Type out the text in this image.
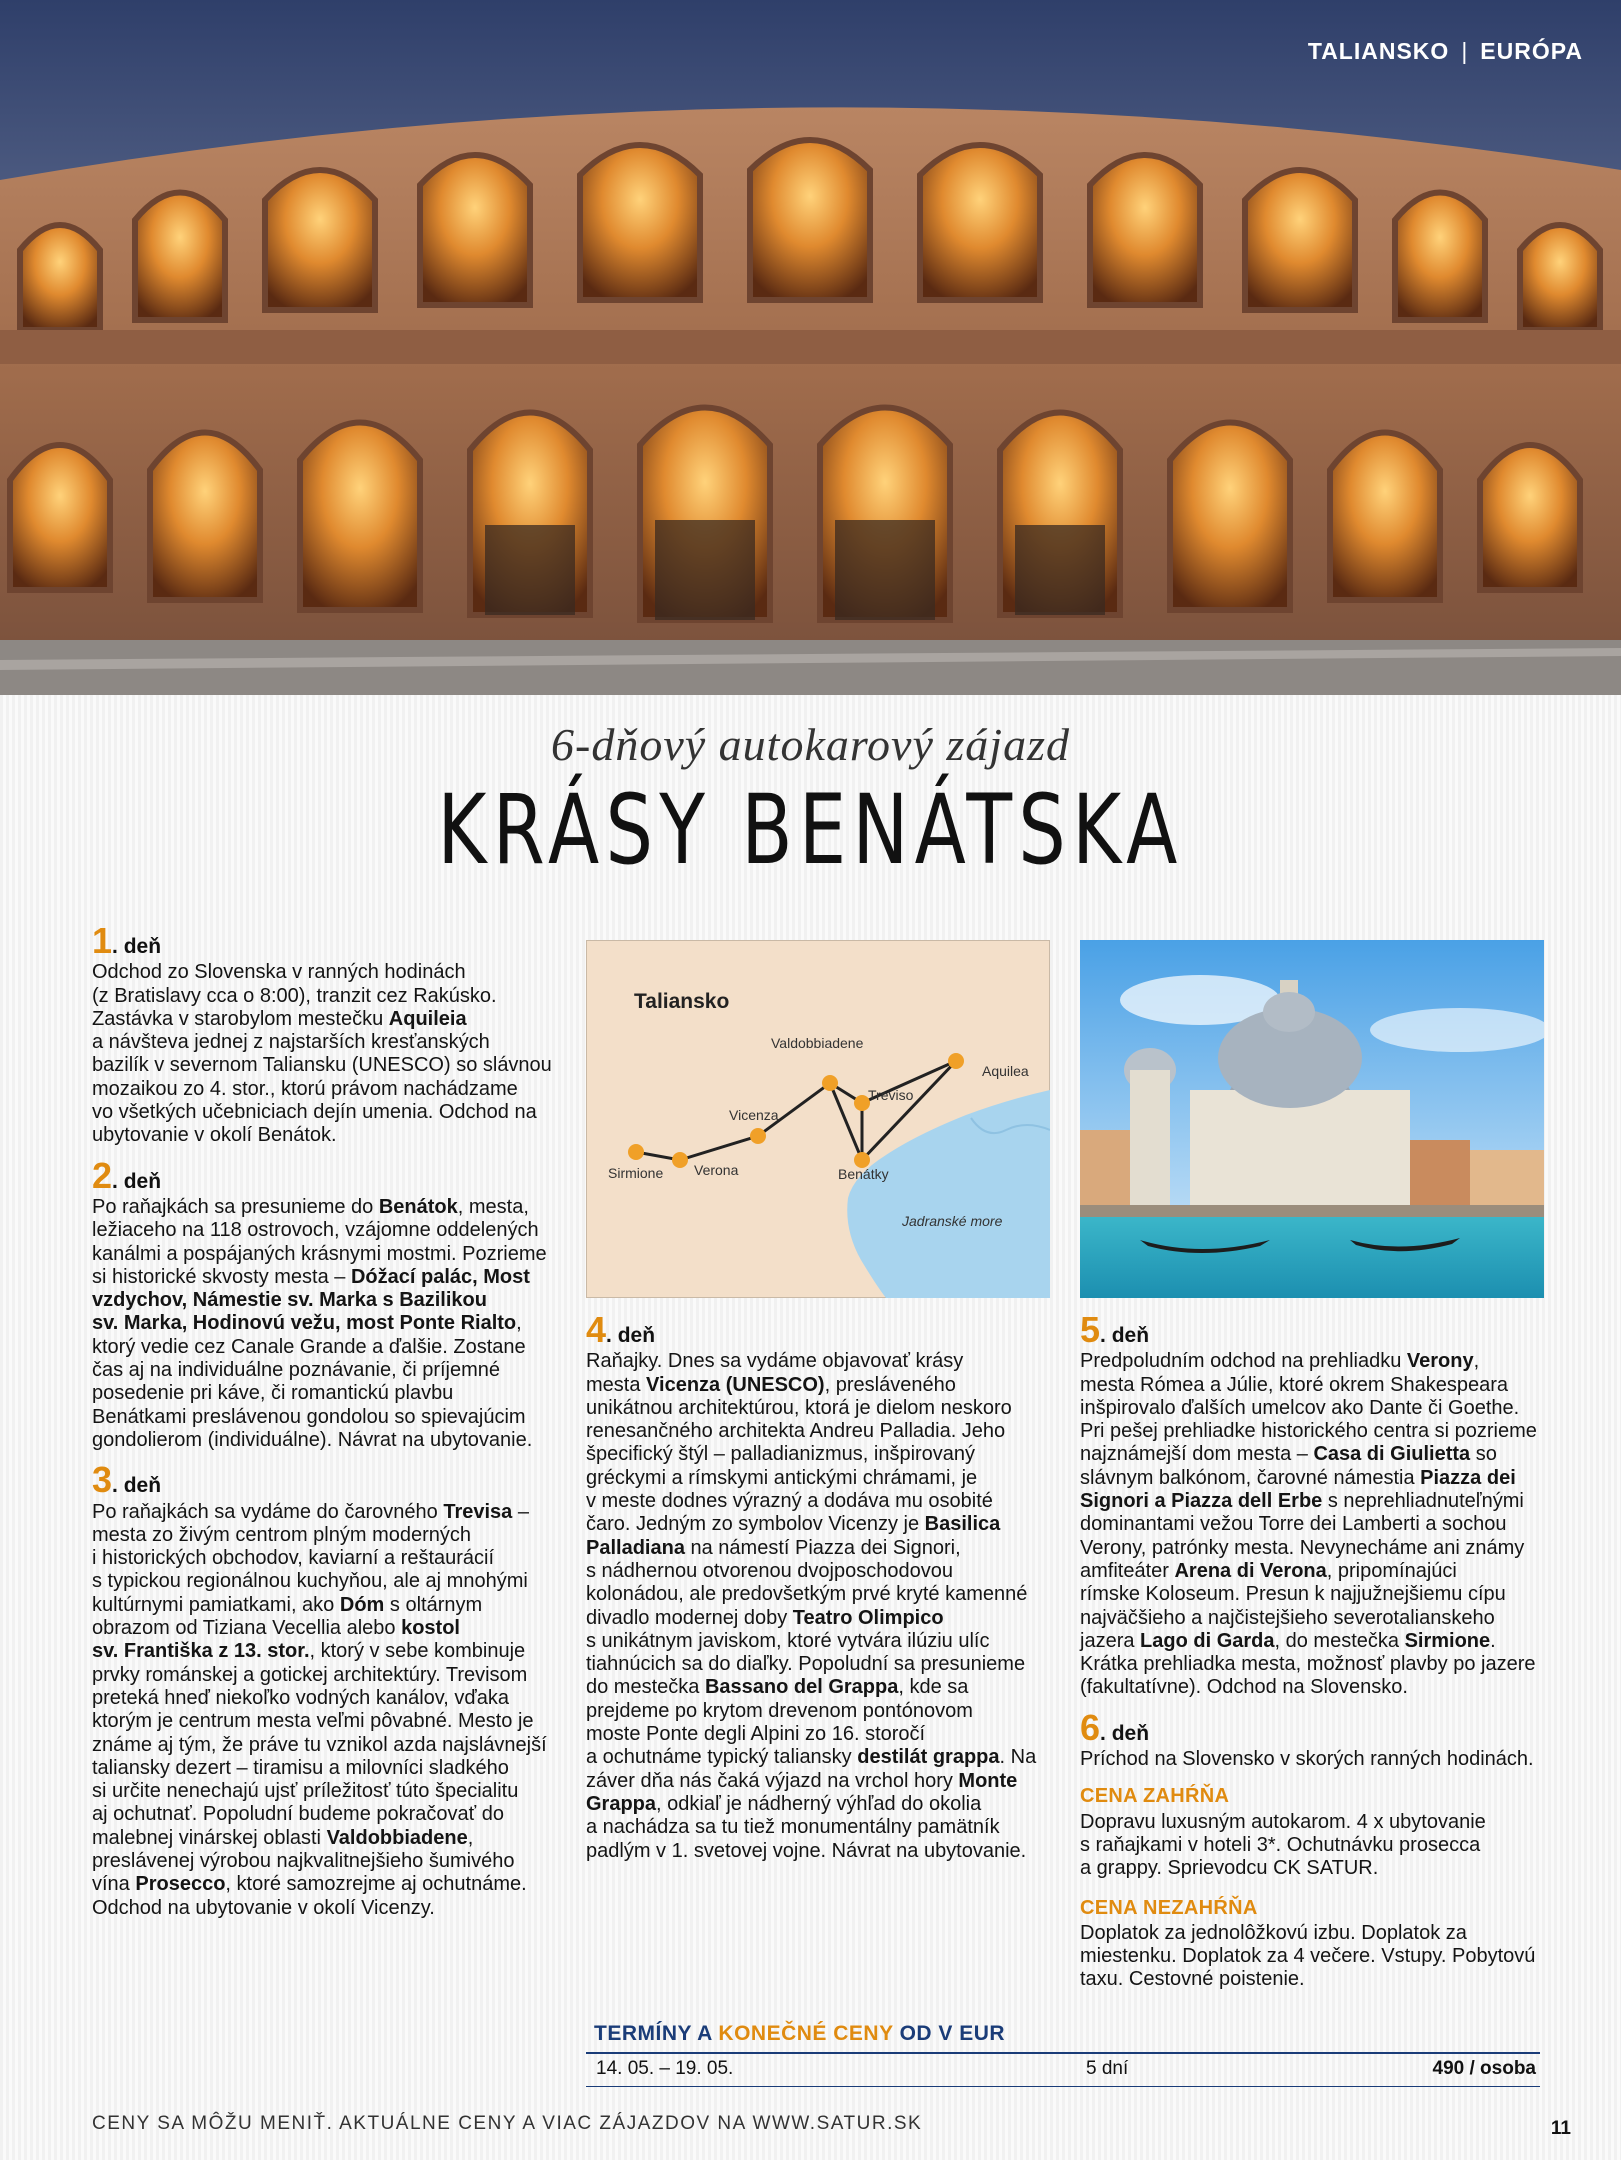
TALIANSKO | EURÓPA
6-dňový autokarový zájazd
KRÁSY BENÁTSKA
1. deň
Odchod zo Slovenska v ranných hodinách
(z Bratislavy cca o 8:00), tranzit cez Rakúsko.
Zastávka v starobylom mestečku Aquileia
a návšteva jednej z najstarších kresťanských
bazilík v severnom Taliansku (UNESCO) so slávnou
mozaikou zo 4. stor., ktorú právom nachádzame
vo všetkých učebniciach dejín umenia. Odchod na
ubytovanie v okolí Benátok.
2. deň
Po raňajkách sa presunieme do Benátok, mesta,
ležiaceho na 118 ostrovoch, vzájomne oddelených
kanálmi a pospájaných krásnymi mostmi. Pozrieme
si historické skvosty mesta – Dóžací palác, Most
vzdychov, Námestie sv. Marka s Bazilikou
sv. Marka, Hodinovú vežu, most Ponte Rialto,
ktorý vedie cez Canale Grande a ďalšie. Zostane
čas aj na individuálne poznávanie, či príjemné
posedenie pri káve, či romantickú plavbu
Benátkami preslávenou gondolou so spievajúcim
gondolierom (individuálne). Návrat na ubytovanie.
3. deň
Po raňajkách sa vydáme do čarovného Trevisa –
mesta zo živým centrom plným moderných
i historických obchodov, kaviarní a reštaurácií
s typickou regionálnou kuchyňou, ale aj mnohými
kultúrnymi pamiatkami, ako Dóm s oltárnym
obrazom od Tiziana Vecellia alebo kostol
sv. Františka z 13. stor., ktorý v sebe kombinuje
prvky románskej a gotickej architektúry. Trevisom
preteká hneď niekoľko vodných kanálov, vďaka
ktorým je centrum mesta veľmi pôvabné. Mesto je
známe aj tým, že práve tu vznikol azda najslávnejší
taliansky dezert – tiramisu a milovníci sladkého
si určite nenechajú ujsť príležitosť túto špecialitu
aj ochutnať. Popoludní budeme pokračovať do
malebnej vinárskej oblasti Valdobbiadene,
preslávenej výrobou najkvalitnejšieho šumivého
vína Prosecco, ktoré samozrejme aj ochutnáme.
Odchod na ubytovanie v okolí Vicenzy.
Taliansko
Valdobbiadene
Treviso
Aquilea
Vicenza
Verona
Sirmione	Benátky
Jadranské more
4. deň
Raňajky. Dnes sa vydáme objavovať krásy
mesta Vicenza (UNESCO), presláveného
unikátnou architektúrou, ktorá je dielom neskoro
renesančného architekta Andreu Palladia. Jeho
špecifický štýl – palladianizmus, inšpirovaný
gréckymi a rímskymi antickými chrámami, je
v meste dodnes výrazný a dodáva mu osobité
čaro. Jedným zo symbolov Vicenzy je Basilica
Palladiana na námestí Piazza dei Signori,
s nádhernou otvorenou dvojposchodovou
kolonádou, ale predovšetkým prvé kryté kamenné
divadlo modernej doby Teatro Olimpico
s unikátnym javiskom, ktoré vytvára ilúziu ulíc
tiahnúcich sa do diaľky. Popoludní sa presunieme
do mestečka Bassano del Grappa, kde sa
prejdeme po krytom drevenom pontónovom
moste Ponte degli Alpini zo 16. storočí
a ochutnáme typický taliansky destilát grappa. Na
záver dňa nás čaká výjazd na vrchol hory Monte
Grappa, odkiaľ je nádherný výhľad do okolia
a nachádza sa tu tiež monumentálny pamätník
padlým v 1. svetovej vojne. Návrat na ubytovanie.
5. deň
Predpoludním odchod na prehliadku Verony,
mesta Rómea a Júlie, ktoré okrem Shakespeara
inšpirovalo ďalších umelcov ako Dante či Goethe.
Pri pešej prehliadke historického centra si pozrieme
najznámejší dom mesta – Casa di Giulietta so
slávnym balkónom, čarovné námestia Piazza dei
Signori a Piazza dell Erbe s neprehliadnuteľnými
dominantami vežou Torre dei Lamberti a sochou
Verony, patrónky mesta. Nevynecháme ani známy
amfiteáter Arena di Verona, pripomínajúci
rímske Koloseum. Presun k najjužnejšiemu cípu
najväčšieho a najčistejšieho severotalianskeho
jazera Lago di Garda, do mestečka Sirmione.
Krátka prehliadka mesta, možnosť plavby po jazere
(fakultatívne). Odchod na Slovensko.
6. deň
Príchod na Slovensko v skorých ranných hodinách.
CENA ZAHŔŇA
Dopravu luxusným autokarom. 4 x ubytovanie
s raňajkami v hoteli 3*. Ochutnávku prosecca
a grappy. Sprievodcu CK SATUR.
CENA NEZAHŔŇA
Doplatok za jednolôžkovú izbu. Doplatok za
miestenku. Doplatok za 4 večere. Vstupy. Pobytovú
taxu. Cestovné poistenie.
TERMÍNY A KONEČNÉ CENY OD V EUR
14. 05. – 19. 05.	5 dní	490 / osoba
CENY SA MÔŽU MENIŤ. AKTUÁLNE CENY A VIAC ZÁJAZDOV NA WWW.SATUR.SK	11
